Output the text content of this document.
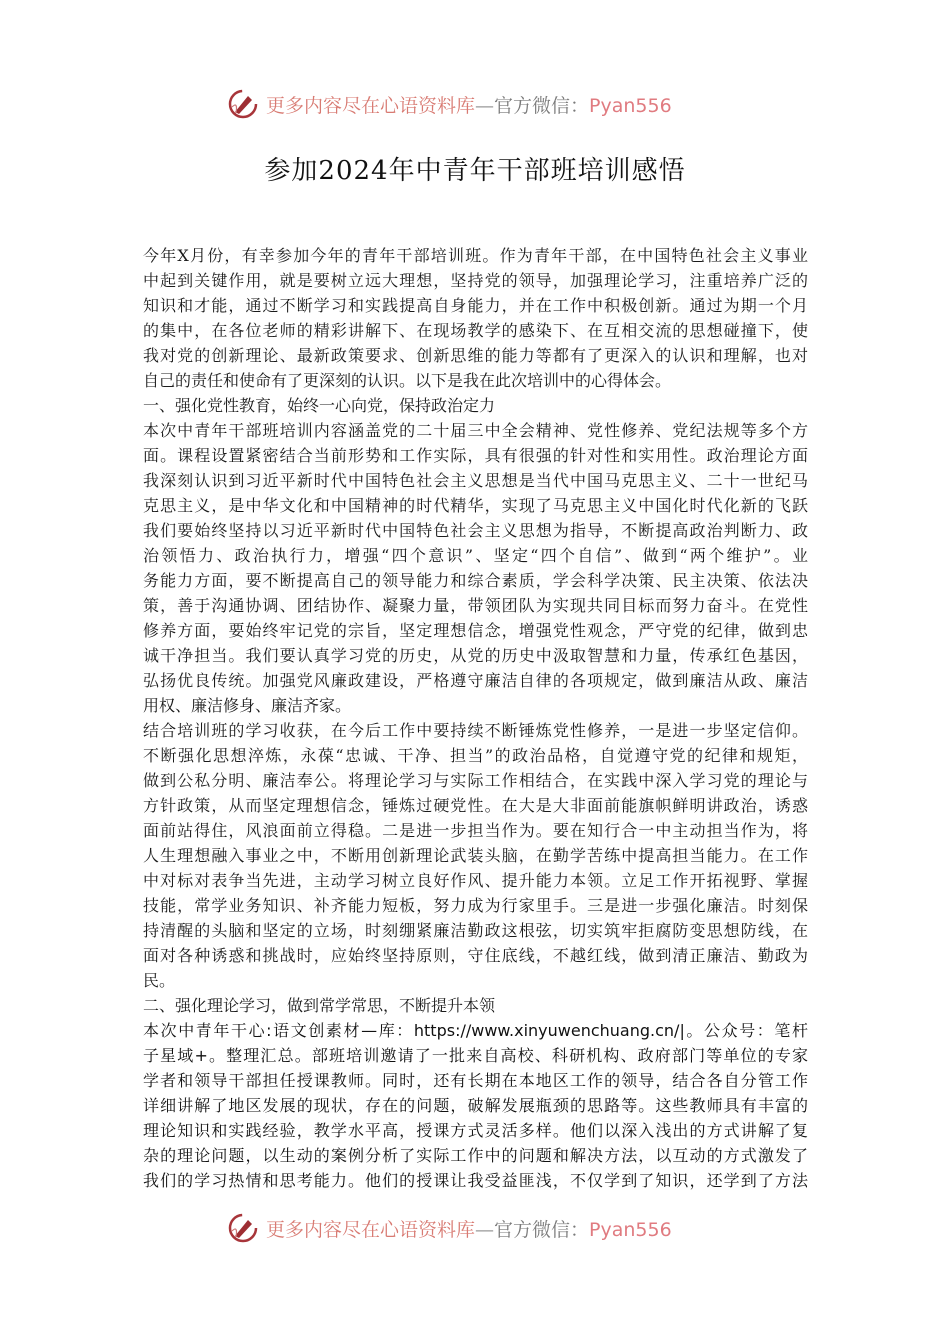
更多内容尽在心语资料库—官方微信：Pyan556
参加2024年中青年干部班培训感悟
今年X月份，有幸参加今年的青年干部培训班。作为青年干部，在中国特色社会主义事业
中起到关键作用，就是要树立远大理想，坚持党的领导，加强理论学习，注重培养广泛的
知识和才能，通过不断学习和实践提高自身能力，并在工作中积极创新。通过为期一个月
的集中，在各位老师的精彩讲解下、在现场教学的感染下、在互相交流的思想碰撞下，使
我对党的创新理论、最新政策要求、创新思维的能力等都有了更深入的认识和理解，也对
自己的责任和使命有了更深刻的认识。以下是我在此次培训中的心得体会。
一、强化党性教育，始终一心向党，保持政治定力
本次中青年干部班培训内容涵盖党的二十届三中全会精神、党性修养、党纪法规等多个方
面。课程设置紧密结合当前形势和工作实际，具有很强的针对性和实用性。政治理论方面
我深刻认识到习近平新时代中国特色社会主义思想是当代中国马克思主义、二十一世纪马
克思主义，是中华文化和中国精神的时代精华，实现了马克思主义中国化时代化新的飞跃
我们要始终坚持以习近平新时代中国特色社会主义思想为指导，不断提高政治判断力、政
治领悟力、政治执行力，增强“四个意识”、坚定“四个自信”、做到“两个维护”。业
务能力方面，要不断提高自己的领导能力和综合素质，学会科学决策、民主决策、依法决
策，善于沟通协调、团结协作、凝聚力量，带领团队为实现共同目标而努力奋斗。在党性
修养方面，要始终牢记党的宗旨，坚定理想信念，增强党性观念，严守党的纪律，做到忠
诚干净担当。我们要认真学习党的历史，从党的历史中汲取智慧和力量，传承红色基因，
弘扬优良传统。加强党风廉政建设，严格遵守廉洁自律的各项规定，做到廉洁从政、廉洁
用权、廉洁修身、廉洁齐家。
结合培训班的学习收获，在今后工作中要持续不断锤炼党性修养，一是进一步坚定信仰。
不断强化思想淬炼，永葆“忠诚、干净、担当”的政治品格，自觉遵守党的纪律和规矩，
做到公私分明、廉洁奉公。将理论学习与实际工作相结合，在实践中深入学习党的理论与
方针政策，从而坚定理想信念，锤炼过硬党性。在大是大非面前能旗帜鲜明讲政治，诱惑
面前站得住，风浪面前立得稳。二是进一步担当作为。要在知行合一中主动担当作为，将
人生理想融入事业之中，不断用创新理论武装头脑，在勤学苦练中提高担当能力。在工作
中对标对表争当先进，主动学习树立良好作风、提升能力本领。立足工作开拓视野、掌握
技能，常学业务知识、补齐能力短板，努力成为行家里手。三是进一步强化廉洁。时刻保
持清醒的头脑和坚定的立场，时刻绷紧廉洁勤政这根弦，切实筑牢拒腐防变思想防线，在
面对各种诱惑和挑战时，应始终坚持原则，守住底线，不越红线，做到清正廉洁、勤政为
民。
二、强化理论学习，做到常学常思，不断提升本领
本次中青年干心:语文创素材—库：https://www.xinyuwenchuang.cn/|。公众号：笔杆
子星域+。整理汇总。部班培训邀请了一批来自高校、科研机构、政府部门等单位的专家
学者和领导干部担任授课教师。同时，还有长期在本地区工作的领导，结合各自分管工作
详细讲解了地区发展的现状，存在的问题，破解发展瓶颈的思路等。这些教师具有丰富的
理论知识和实践经验，教学水平高，授课方式灵活多样。他们以深入浅出的方式讲解了复
杂的理论问题，以生动的案例分析了实际工作中的问题和解决方法，以互动的方式激发了
我们的学习热情和思考能力。他们的授课让我受益匪浅，不仅学到了知识，还学到了方法
更多内容尽在心语资料库—官方微信：Pyan556
